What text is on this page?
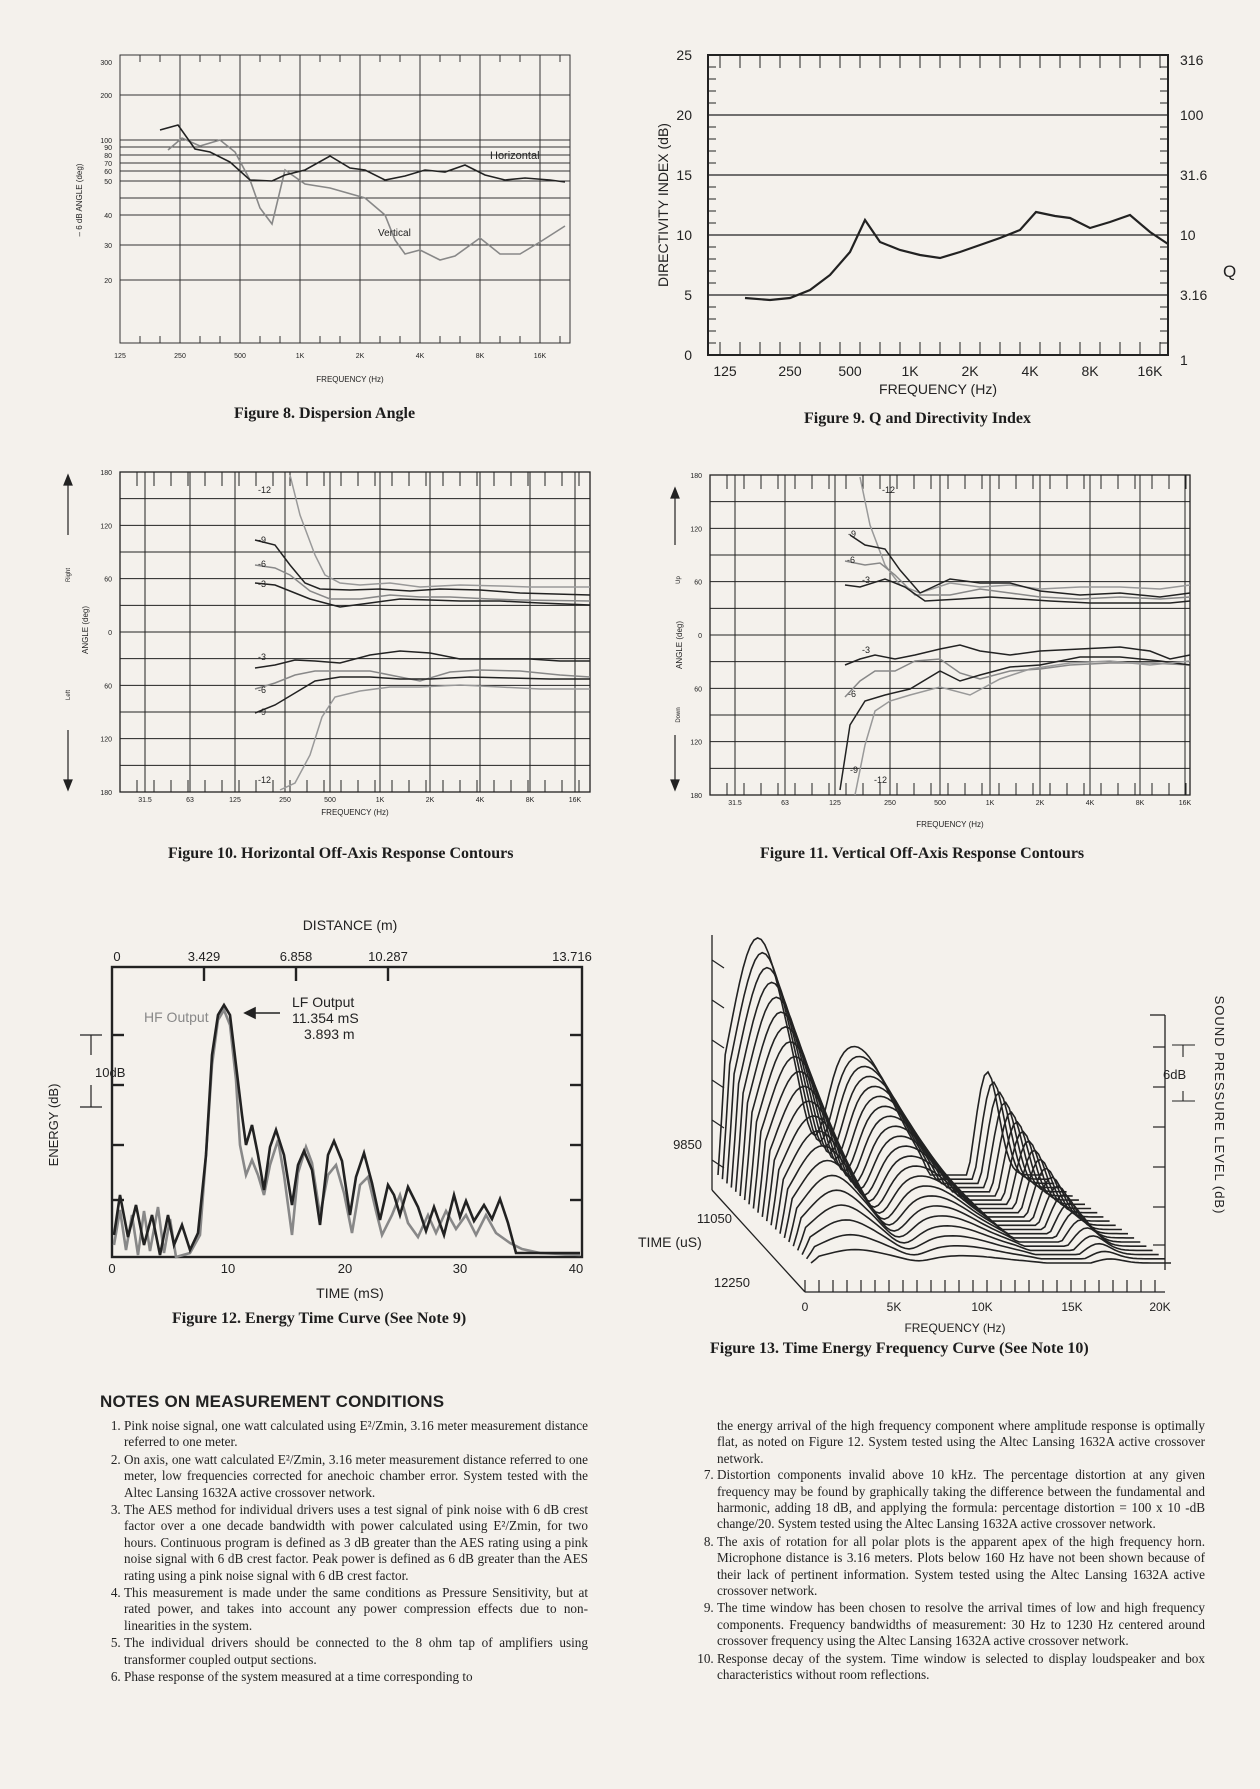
Horizontal
Vertical
300
200
100
90
80
70
60
50
40
30
20
125	250	500	1K	2K	4K	8K	16K
FREQUENCY (Hz)
– 6 dB ANGLE (deg)
Figure 8. Dispersion Angle
25
20
15
10
5
0
316
100
31.6
10
3.16
1
125	250	500	1K	2K	4K	8K	16K
FREQUENCY (Hz)
DIRECTIVITY INDEX (dB)	Q
Figure 9. Q and Directivity Index
-12
-9
-6
-3
-3
-6
-9
-12
180
120
60
0
60
120
180
31.5	63	125	250	500	1K	2K	4K	8K	16K
FREQUENCY (Hz)
ANGLE (deg)
Right
Left
Figure 10. Horizontal Off-Axis Response Contours
-12
-9
-6
-3
-3
-6
-9
-12
180
120
60
0
60
120
180
31.5	63	125	250	500	1K	2K	4K	8K	16K
FREQUENCY (Hz)
ANGLE (deg)
Up
Down
Figure 11. Vertical Off-Axis Response Contours
DISTANCE (m)
0	3.429	6.858	10.287	13.716
0	10	20	30	40
TIME (mS)
ENERGY (dB)
10dB
HF Output
LF Output
11.354 mS
3.893 m
Figure 12. Energy Time Curve (See Note 9)
6dB SOUND PRESSURE LEVEL (dB)
9850
11050
12250
TIME (uS)
0	5K	10K	15K	20K
FREQUENCY (Hz)
Figure 13. Time Energy Frequency Curve (See Note 10)
NOTES ON MEASUREMENT CONDITIONS
1. Pink noise signal, one watt calculated using E²/Zmin, 3.16 meter measurement distance referred to one meter.
2. On axis, one watt calculated E²/Zmin, 3.16 meter measurement distance referred to one meter, low frequencies corrected for anechoic chamber error. System tested with the Altec Lansing 1632A active crossover network.
3. The AES method for individual drivers uses a test signal of pink noise with 6 dB crest factor over a one decade bandwidth with power calculated using E²/Zmin, for two hours. Continuous program is defined as 3 dB greater than the AES rating using a pink noise signal with 6 dB crest factor. Peak power is defined as 6 dB greater than the AES rating using a pink noise signal with 6 dB crest factor.
4. This measurement is made under the same conditions as Pressure Sensitivity, but at rated power, and takes into account any power compression effects due to non-linearities in the system.
5. The individual drivers should be connected to the 8 ohm tap of amplifiers using transformer coupled output sections.
6. Phase response of the system measured at a time corresponding to

the energy arrival of the high frequency component where amplitude response is optimally flat, as noted on Figure 12. System tested using the Altec Lansing 1632A active crossover network.

7. Distortion components invalid above 10 kHz. The percentage distortion at any given frequency may be found by graphically taking the difference between the fundamental and harmonic, adding 18 dB, and applying the formula: percentage distortion = 100 x 10 -dB change/20. System tested using the Altec Lansing 1632A active crossover network.
8. The axis of rotation for all polar plots is the apparent apex of the high frequency horn. Microphone distance is 3.16 meters. Plots below 160 Hz have not been shown because of their lack of pertinent information. System tested using the Altec Lansing 1632A active crossover network.
9. The time window has been chosen to resolve the arrival times of low and high frequency components. Frequency bandwidths of measurement: 30 Hz to 1230 Hz centered around crossover frequency using the Altec Lansing 1632A active crossover network.
10. Response decay of the system. Time window is selected to display loudspeaker and box characteristics without room reflections.
